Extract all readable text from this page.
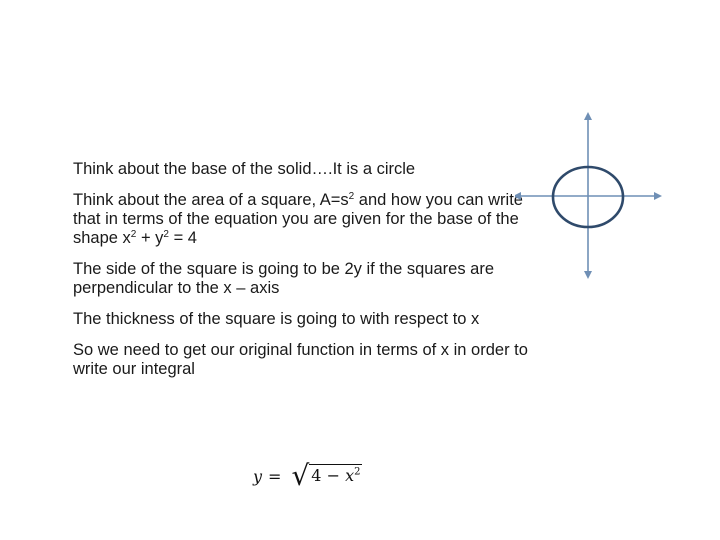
Think about the base of the solid….It is a circle

Think about the area of a square, $A=s^2$ and how you can write that in terms of the equation you are given for the base of the shape $x^2 + y^2 = 4$

The side of the square is going to be 2y if the squares are perpendicular to the x – axis

The thickness of the square is going to with respect to x

So we need to get our original function in terms of x in order to write our integral

y = √ $4 - x^2$
